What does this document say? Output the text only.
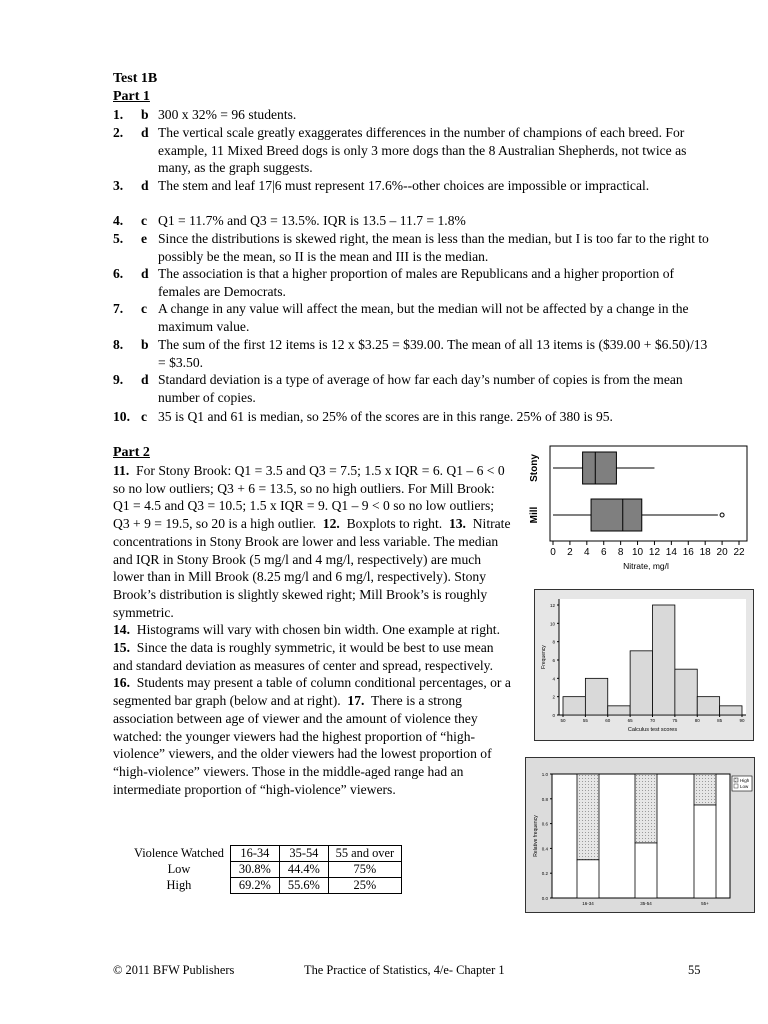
Test 1B
Part 1
1. b 300 x 32% = 96 students.
2. d The vertical scale greatly exaggerates differences in the number of champions of each breed. For example, 11 Mixed Breed dogs is only 3 more dogs than the 8 Australian Shepherds, not twice as many, as the graph suggests.
3. d The stem and leaf 17|6 must represent 17.6%--other choices are impossible or impractical.
4. c Q1 = 11.7% and Q3 = 13.5%. IQR is 13.5 – 11.7 = 1.8%
5. e Since the distributions is skewed right, the mean is less than the median, but I is too far to the right to possibly be the mean, so II is the mean and III is the median.
6. d The association is that a higher proportion of males are Republicans and a higher proportion of females are Democrats.
7. c A change in any value will affect the mean, but the median will not be affected by a change in the maximum value.
8. b The sum of the first 12 items is 12 x $3.25 = $39.00. The mean of all 13 items is ($39.00 + $6.50)/13 = $3.50.
9. d Standard deviation is a type of average of how far each day’s number of copies is from the mean number of copies.
10. c 35 is Q1 and 61 is median, so 25% of the scores are in this range. 25% of 380 is 95.
Part 2
11. For Stony Brook: Q1 = 3.5 and Q3 = 7.5; 1.5 x IQR = 6. Q1 – 6 < 0 so no low outliers; Q3 + 6 = 13.5, so no high outliers. For Mill Brook: Q1 = 4.5 and Q3 = 10.5; 1.5 x IQR = 9. Q1 – 9 < 0 so no low outliers; Q3 + 9 = 19.5, so 20 is a high outlier. 12. Boxplots to right. 13. Nitrate concentrations in Stony Brook are lower and less variable. The median and IQR in Stony Brook (5 mg/l and 4 mg/l, respectively) are much lower than in Mill Brook (8.25 mg/l and 6 mg/l, respectively). Stony Brook’s distribution is slightly skewed right; Mill Brook’s is roughly symmetric.
14. Histograms will vary with chosen bin width. One example at right.  15. Since the data is roughly symmetric, it would be best to use mean and standard deviation as measures of center and spread, respectively.  16. Students may present a table of column conditional percentages, or a segmented bar graph (below and at right). 17. There is a strong association between age of viewer and the amount of violence they watched: the younger viewers had the highest proportion of “high-violence” viewers, and the older viewers had the lowest proportion of “high-violence” viewers. Those in the middle-aged range had an intermediate proportion of “high-violence” viewers.
Violence Watched	16-34	35-54	55 and over
Low	30.8%	44.4%	75%
High	69.2%	55.6%	25%
Stony
Mill
0 2 4 6 8 10 12 14 16 18 20 22
Nitrate, mg/l
0
2
4
6
8
10
12
50	55	60	65	70	75	80	85	90
Calculus test scores
Frequency
16-34	35-54	55+
0.0
0.2
0.4
0.6
0.8
1.0
Relative frequency
High
Low
© 2011 BFW Publishers	The Practice of Statistics, 4/e- Chapter 1	55
